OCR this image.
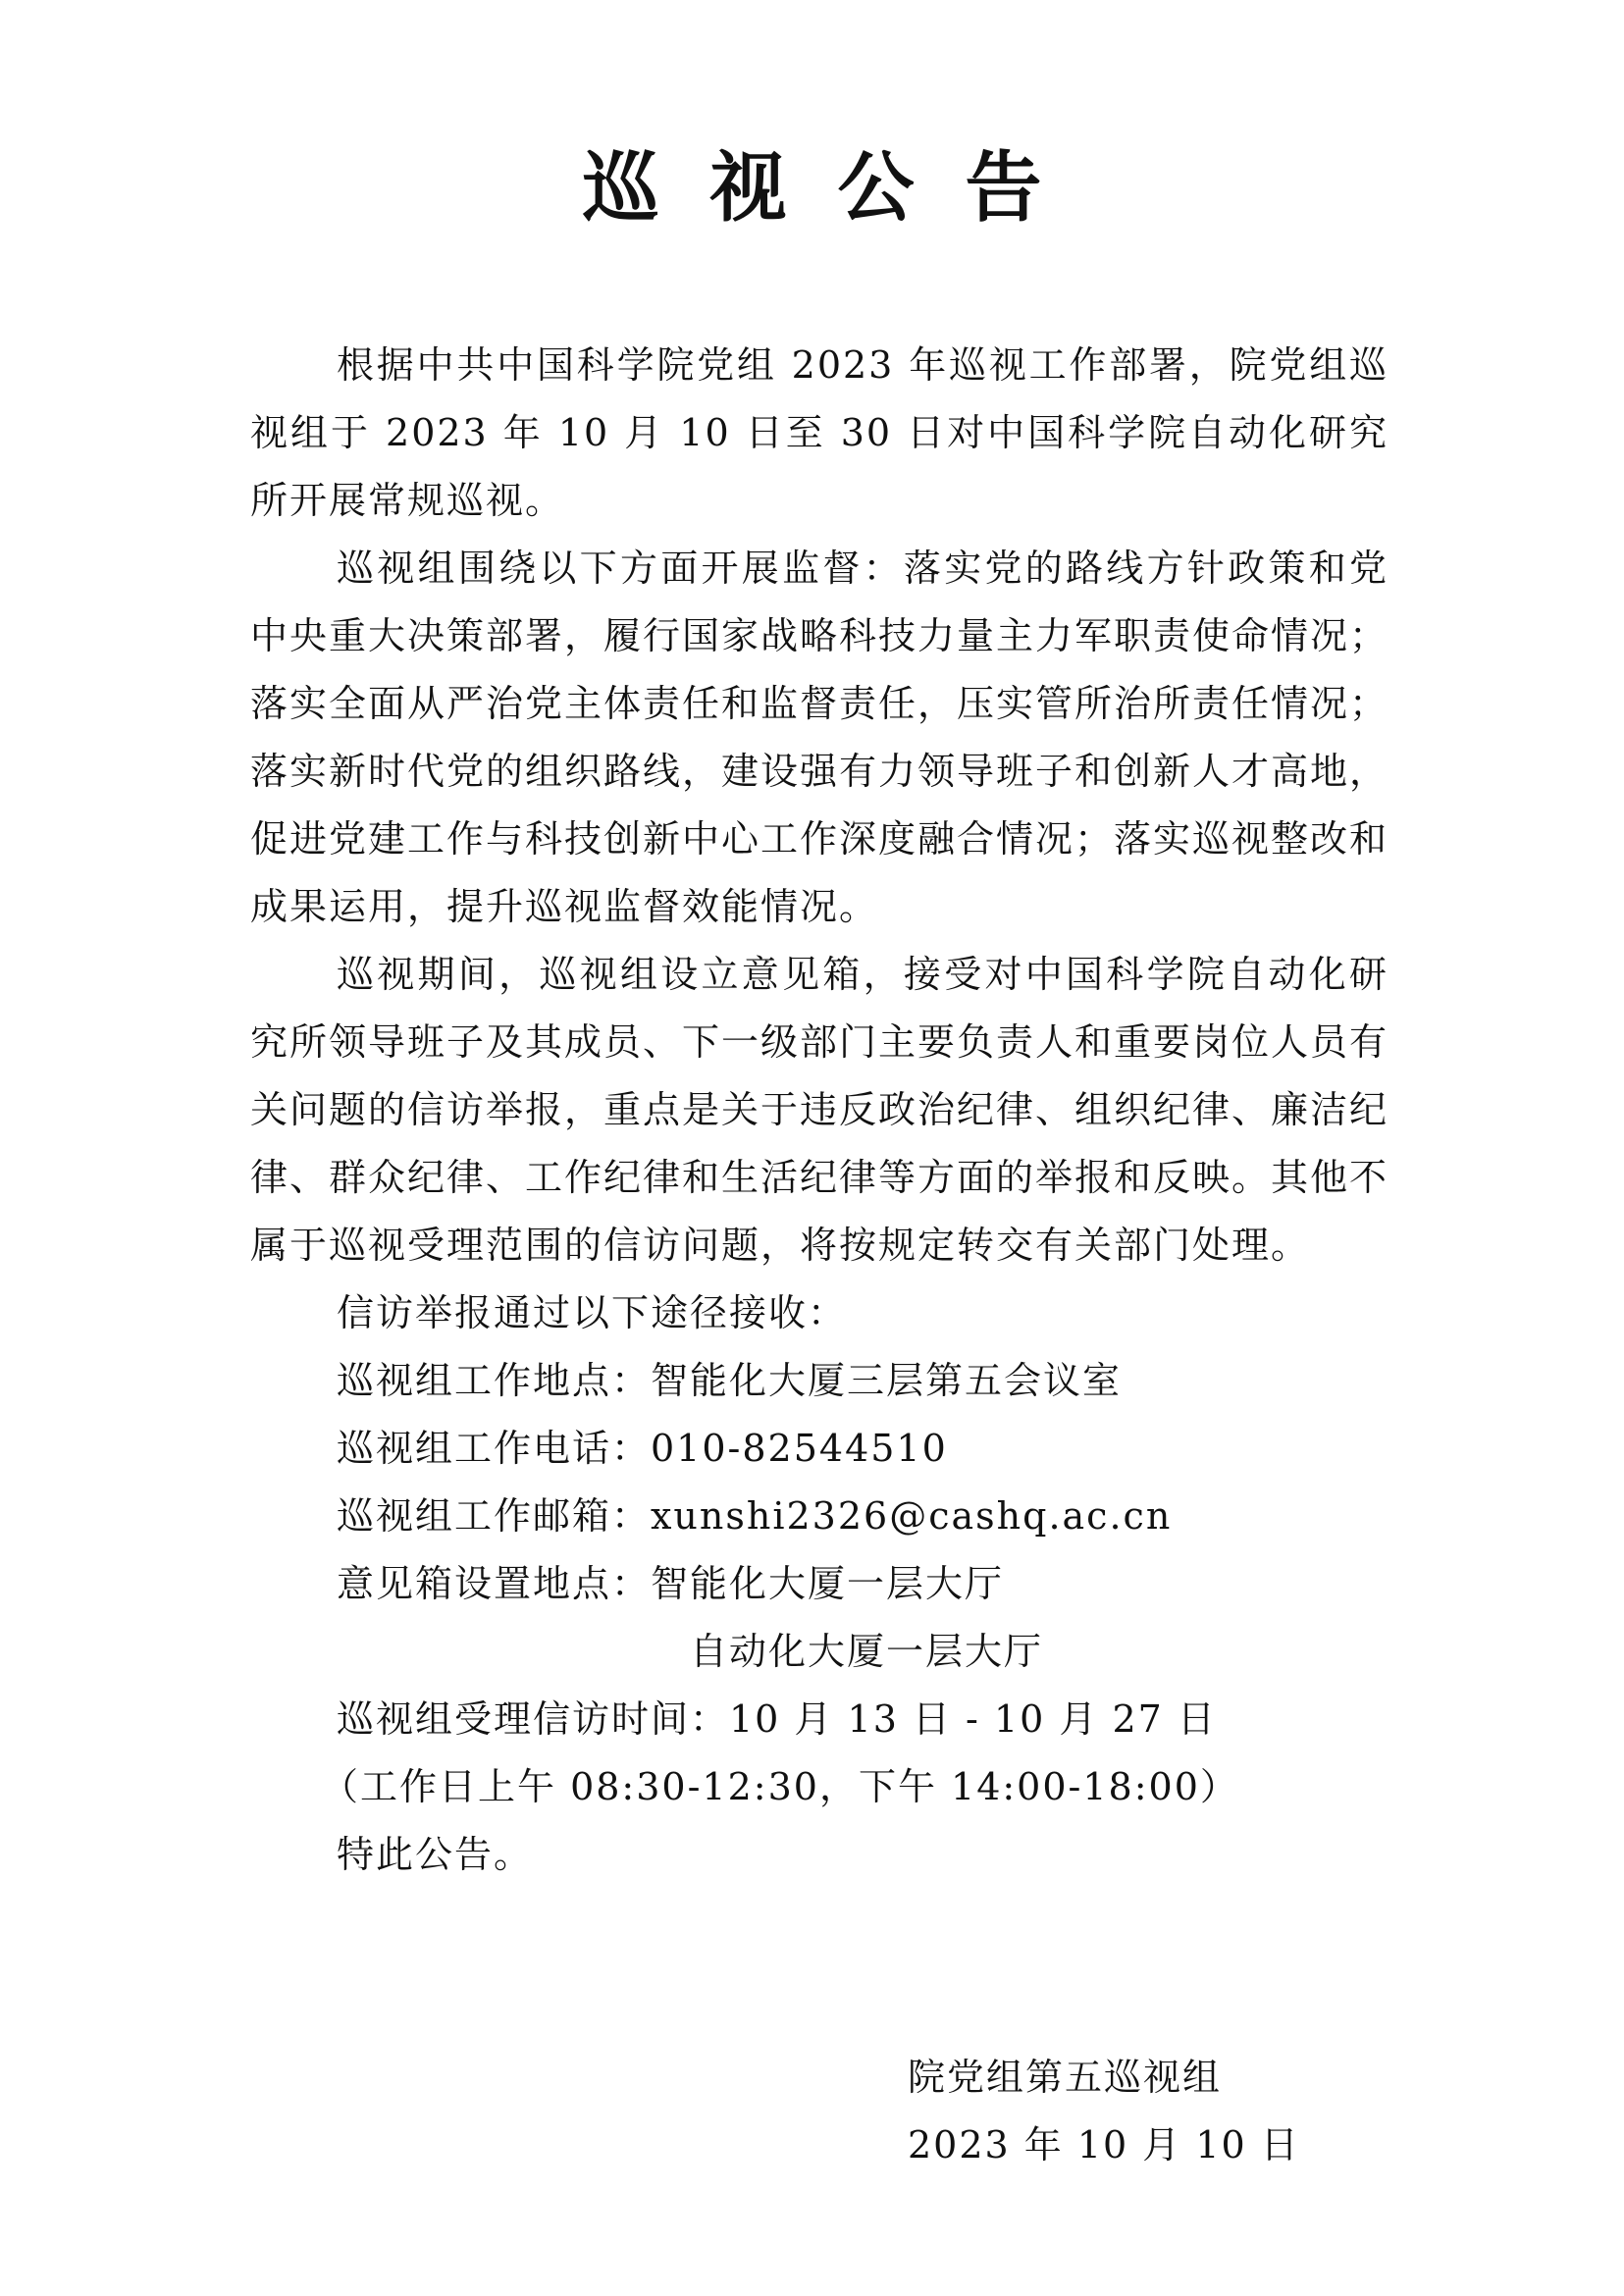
巡视公告

根据中共中国科学院党组 2023 年巡视工作部署，院党组巡视组于 2023 年 10 月 10 日至 30 日对中国科学院自动化研究所开展常规巡视。

巡视组围绕以下方面开展监督：落实党的路线方针政策和党中央重大决策部署，履行国家战略科技力量主力军职责使命情况；落实全面从严治党主体责任和监督责任，压实管所治所责任情况；落实新时代党的组织路线，建设强有力领导班子和创新人才高地，促进党建工作与科技创新中心工作深度融合情况；落实巡视整改和成果运用，提升巡视监督效能情况。

巡视期间，巡视组设立意见箱，接受对中国科学院自动化研究所领导班子及其成员、下一级部门主要负责人和重要岗位人员有关问题的信访举报，重点是关于违反政治纪律、组织纪律、廉洁纪律、群众纪律、工作纪律和生活纪律等方面的举报和反映。其他不属于巡视受理范围的信访问题，将按规定转交有关部门处理。

信访举报通过以下途径接收：

巡视组工作地点：智能化大厦三层第五会议室

巡视组工作电话：010-82544510

巡视组工作邮箱：xunshi2326@cashq.ac.cn

意见箱设置地点：智能化大厦一层大厅

自动化大厦一层大厅

巡视组受理信访时间：10 月 13 日 - 10 月 27 日

（工作日上午 08:30-12:30，下午 14:00-18:00）

特此公告。

院党组第五巡视组

2023 年 10 月 10 日
